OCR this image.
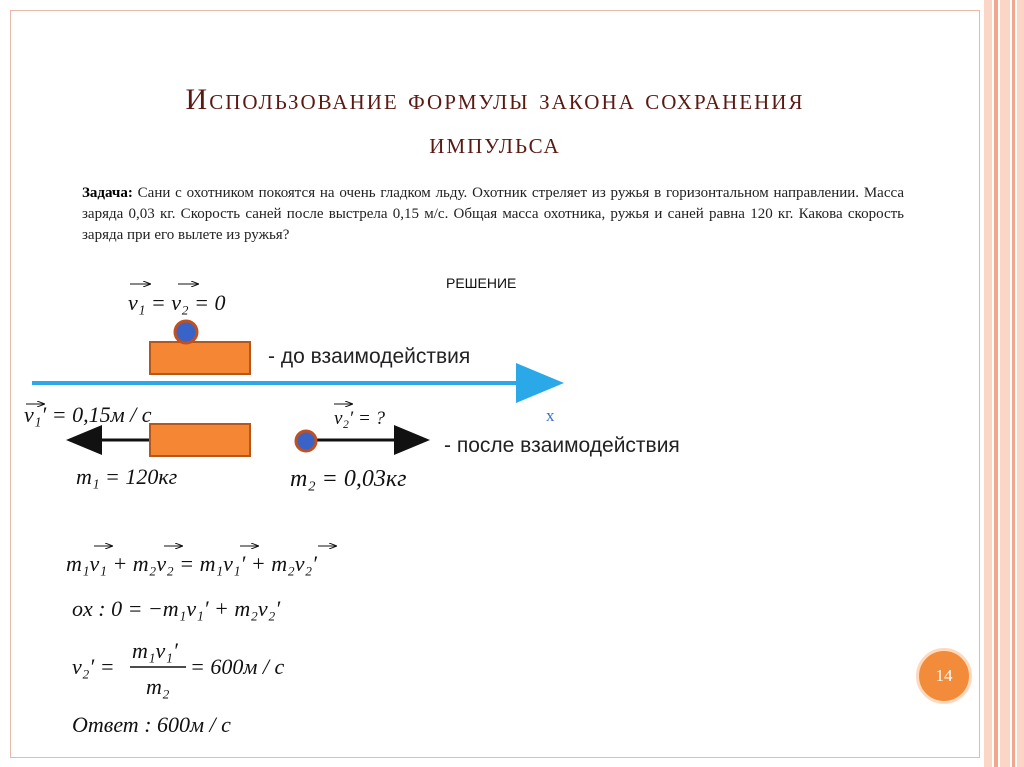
Использование формулы закона сохранения
импульса
Задача: Сани с охотником покоятся на очень гладком льду. Охотник стреляет из ружья в горизонтальном направлении. Масса заряда 0,03 кг. Скорость саней после выстрела 0,15 м/с. Общая масса охотника, ружья и саней равна 120 кг. Какова скорость заряда при его вылете из ружья?
РЕШЕНИЕ
- до взаимодействия
- после взаимодействия
x
ν₁ = ν₂ = 0
ν₁′ = 0,15м / с	ν₂′ = ?
m₁ = 120кг	m₂ = 0,03кг
m₁ν₁ + m₂ν₂ = m₁ν₁′ + m₂ν₂′
ox : 0 = −m₁ν₁′ + m₂ν₂′
ν₂′ =
m₁ν₁′
m₂
= 600м / с
Ответ : 600м / с
14
